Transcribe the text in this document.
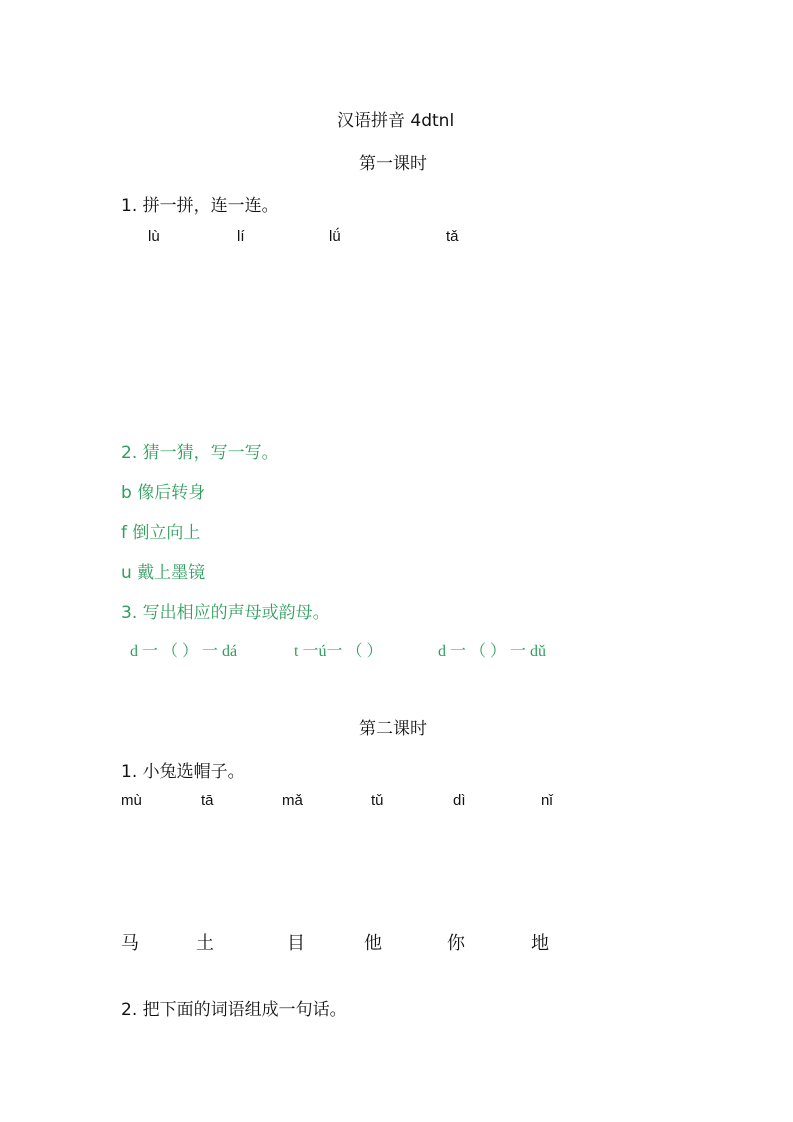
汉语拼音 4dtnl
第一课时
1. 拼一拼，连一连。
lù	lí	lǘ	tǎ
2. 猜一猜，写一写。
b 像后转身
f 倒立向上
u 戴上墨镜
3. 写出相应的声母或韵母。
d 一 （ ） 一 dá	t 一ú一 （ ）	d 一 （ ） 一 dǔ
第二课时
1. 小兔选帽子。
mù	tā	mǎ	tǔ	dì	nǐ
马	土	目	他	你	地
2. 把下面的词语组成一句话。
